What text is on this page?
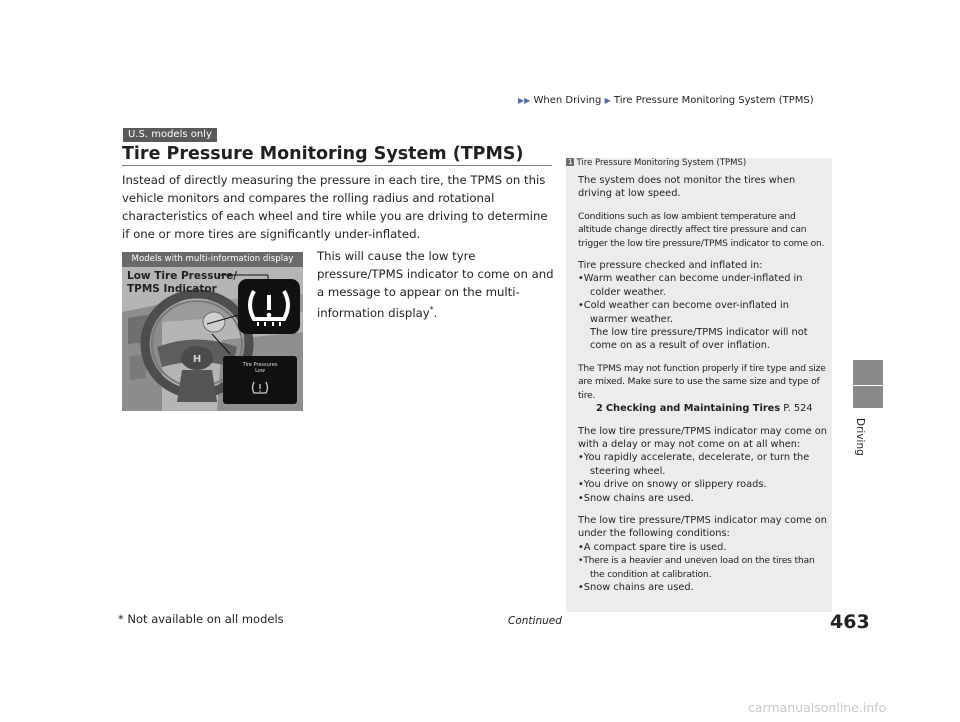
▶▶ When Driving ▶ Tire Pressure Monitoring System (TPMS)
U.S. models only
Tire Pressure Monitoring System (TPMS)
Instead of directly measuring the pressure in each tire, the TPMS on this vehicle monitors and compares the rolling radius and rotational characteristics of each wheel and tire while you are driving to determine if one or more tires are significantly under-inflated.
This will cause the low tyre pressure/TPMS indicator to come on and a message to appear on the multi-information display*.
H
Models with multi-information display
Low Tire Pressure/
TPMS Indicator
Tire Pressures
Low
1 Tire Pressure Monitoring System (TPMS)

The system does not monitor the tires when driving at low speed.

Conditions such as low ambient temperature and altitude change directly affect tire pressure and can trigger the low tire pressure/TPMS indicator to come on.

Tire pressure checked and inflated in:

•Warm weather can become under-inflated in colder weather.

•Cold weather can become over-inflated in warmer weather.

The low tire pressure/TPMS indicator will not come on as a result of over inflation.

The TPMS may not function properly if tire type and size are mixed. Make sure to use the same size and type of tire.

2 Checking and Maintaining Tires P. 524

The low tire pressure/TPMS indicator may come on with a delay or may not come on at all when:

•You rapidly accelerate, decelerate, or turn the steering wheel.

•You drive on snowy or slippery roads.

•Snow chains are used.

The low tire pressure/TPMS indicator may come on under the following conditions:

•A compact spare tire is used.

•There is a heavier and uneven load on the tires than the condition at calibration.

•Snow chains are used.

Driving
* Not available on all models	Continued	463
carmanualsonline.info
